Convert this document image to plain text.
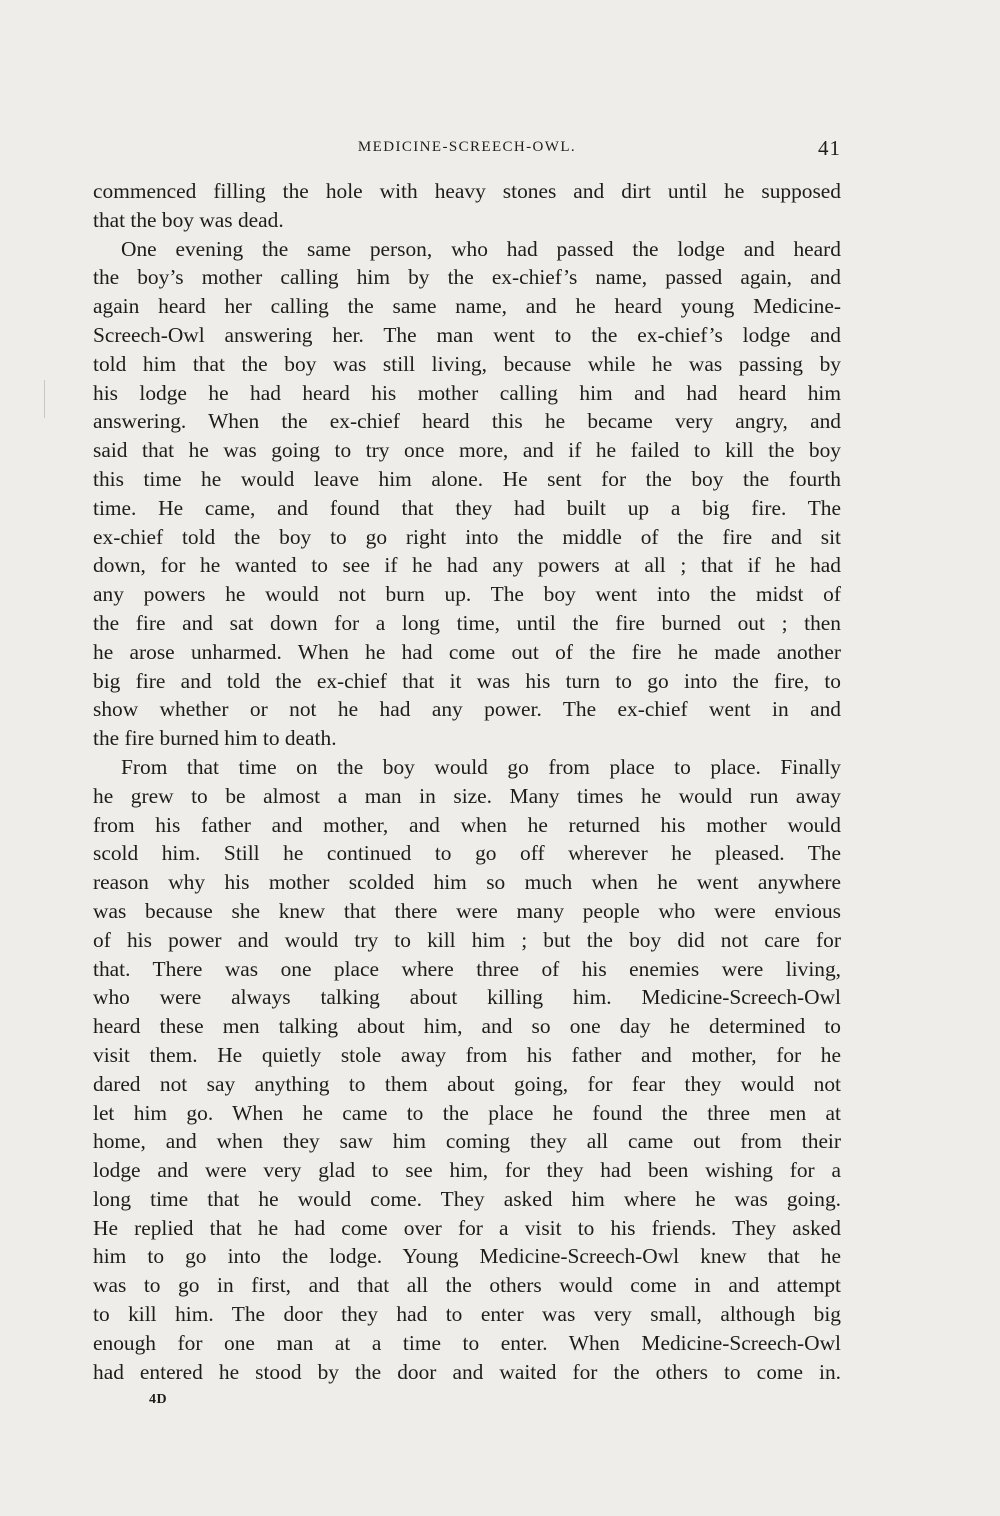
MEDICINE-SCREECH-OWL.	41
commenced filling the hole with heavy stones and dirt until he supposed
that the boy was dead.
One evening the same person, who had passed the lodge and heard
the boy’s mother calling him by the ex-chief’s name, passed again, and
again heard her calling the same name, and he heard young Medicine-
Screech-Owl answering her. The man went to the ex-chief’s lodge and
told him that the boy was still living, because while he was passing by
his lodge he had heard his mother calling him and had heard him
answering. When the ex-chief heard this he became very angry, and
said that he was going to try once more, and if he failed to kill the boy
this time he would leave him alone. He sent for the boy the fourth
time. He came, and found that they had built up a big fire. The
ex-chief told the boy to go right into the middle of the fire and sit
down, for he wanted to see if he had any powers at all ; that if he had
any powers he would not burn up. The boy went into the midst of
the fire and sat down for a long time, until the fire burned out ; then
he arose unharmed. When he had come out of the fire he made another
big fire and told the ex-chief that it was his turn to go into the fire, to
show whether or not he had any power. The ex-chief went in and
the fire burned him to death.
From that time on the boy would go from place to place. Finally
he grew to be almost a man in size. Many times he would run away
from his father and mother, and when he returned his mother would
scold him. Still he continued to go off wherever he pleased. The
reason why his mother scolded him so much when he went anywhere
was because she knew that there were many people who were envious
of his power and would try to kill him ; but the boy did not care for
that. There was one place where three of his enemies were living,
who were always talking about killing him. Medicine-Screech-Owl
heard these men talking about him, and so one day he determined to
visit them. He quietly stole away from his father and mother, for he
dared not say anything to them about going, for fear they would not
let him go. When he came to the place he found the three men at
home, and when they saw him coming they all came out from their
lodge and were very glad to see him, for they had been wishing for a
long time that he would come. They asked him where he was going.
He replied that he had come over for a visit to his friends. They asked
him to go into the lodge. Young Medicine-Screech-Owl knew that he
was to go in first, and that all the others would come in and attempt
to kill him. The door they had to enter was very small, although big
enough for one man at a time to enter. When Medicine-Screech-Owl
had entered he stood by the door and waited for the others to come in.
4D
